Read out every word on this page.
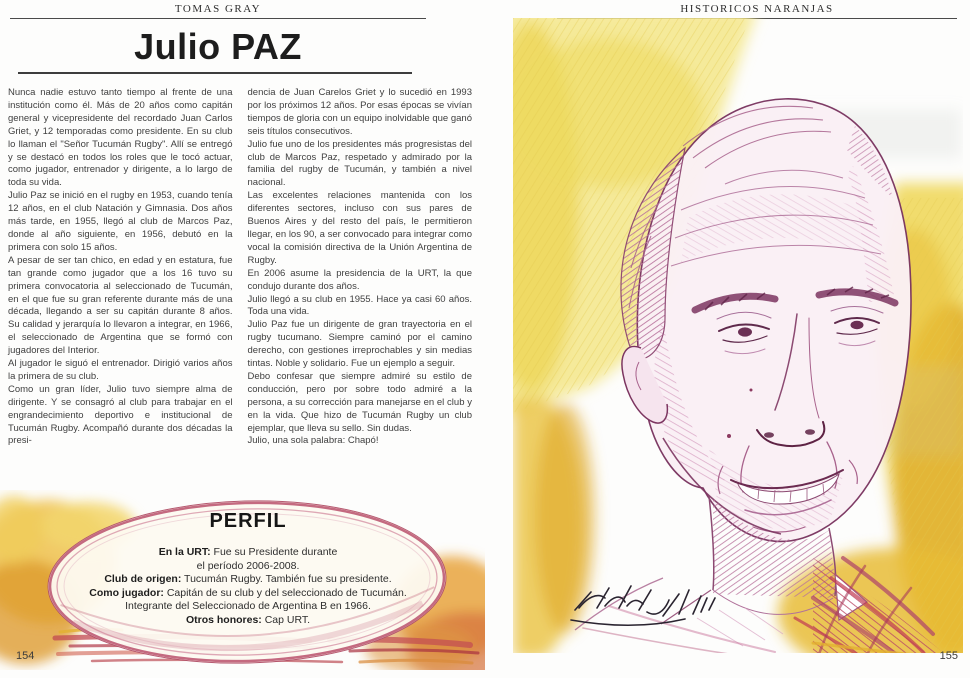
TOMAS GRAY
Julio PAZ

Nunca nadie estuvo tanto tiempo al frente de una institución como él. Más de 20 años como capitán general y vicepresidente del recordado Juan Carlos Griet, y 12 temporadas como presidente. En su club lo llaman el "Señor Tucumán Rugby". Allí se entregó y se destacó en todos los roles que le tocó actuar, como jugador, entrenador y dirigente, a lo largo de toda su vida.

Julio Paz se inició en el rugby en 1953, cuando tenía 12 años, en el club Natación y Gimnasia. Dos años más tarde, en 1955, llegó al club de Marcos Paz, donde al año siguiente, en 1956, debutó en la primera con solo 15 años.

A pesar de ser tan chico, en edad y en estatura, fue tan grande como jugador que a los 16 tuvo su primera convocatoria al seleccionado de Tucumán, en el que fue su gran referente durante más de una década, llegando a ser su capitán durante 8 años. Su calidad y jerarquía lo llevaron a integrar, en 1966, el seleccionado de Argentina que se formó con jugadores del Interior.

Al jugador le siguó el entrenador. Dirigió varios años la primera de su club.

Como un gran líder, Julio tuvo siempre alma de dirigente. Y se consagró al club para trabajar en el engrandecimiento deportivo e institucional de Tucumán Rugby. Acompañó durante dos décadas la presi-

dencia de Juan Carelos Griet y lo sucedió en 1993 por los próximos 12 años. Por esas épocas se vivían tiempos de gloria con un equipo inolvidable que ganó seis títulos consecutivos.

Julio fue uno de los presidentes más progresistas del club de Marcos Paz, respetado y admirado por la familia del rugby de Tucumán, y también a nivel nacional.

Las excelentes relaciones mantenida con los diferentes sectores, incluso con sus pares de Buenos Aires y del resto del país, le permitieron llegar, en los 90, a ser convocado para integrar como vocal la comisión directiva de la Unión Argentina de Rugby.

En 2006 asume la presidencia de la URT, la que condujo durante dos años.

Julio llegó a su club en 1955. Hace ya casi 60 años. Toda una vida.

Julio Paz fue un dirigente de gran trayectoria en el rugby tucumano. Siempre caminó por el camino derecho, con gestiones irreprochables y sin medias tintas. Noble y solidario. Fue un ejemplo a seguir.

Debo confesar que siempre admiré su estilo de conducción, pero por sobre todo admiré a la persona, a su corrección para manejarse en el club y en la vida. Que hizo de Tucumán Rugby un club ejemplar, que lleva su sello. Sin dudas.

Julio, una sola palabra: Chapó!

PERFIL
En la URT: Fue su Presidente durante
el período 2006-2008.
Club de origen: Tucumán Rugby. También fue su presidente.
Como jugador: Capitán de su club y del seleccionado de Tucumán.
Integrante del Seleccionado de Argentina B en 1966.
Otros honores: Cap URT.
154
HISTORICOS NARANJAS
155
